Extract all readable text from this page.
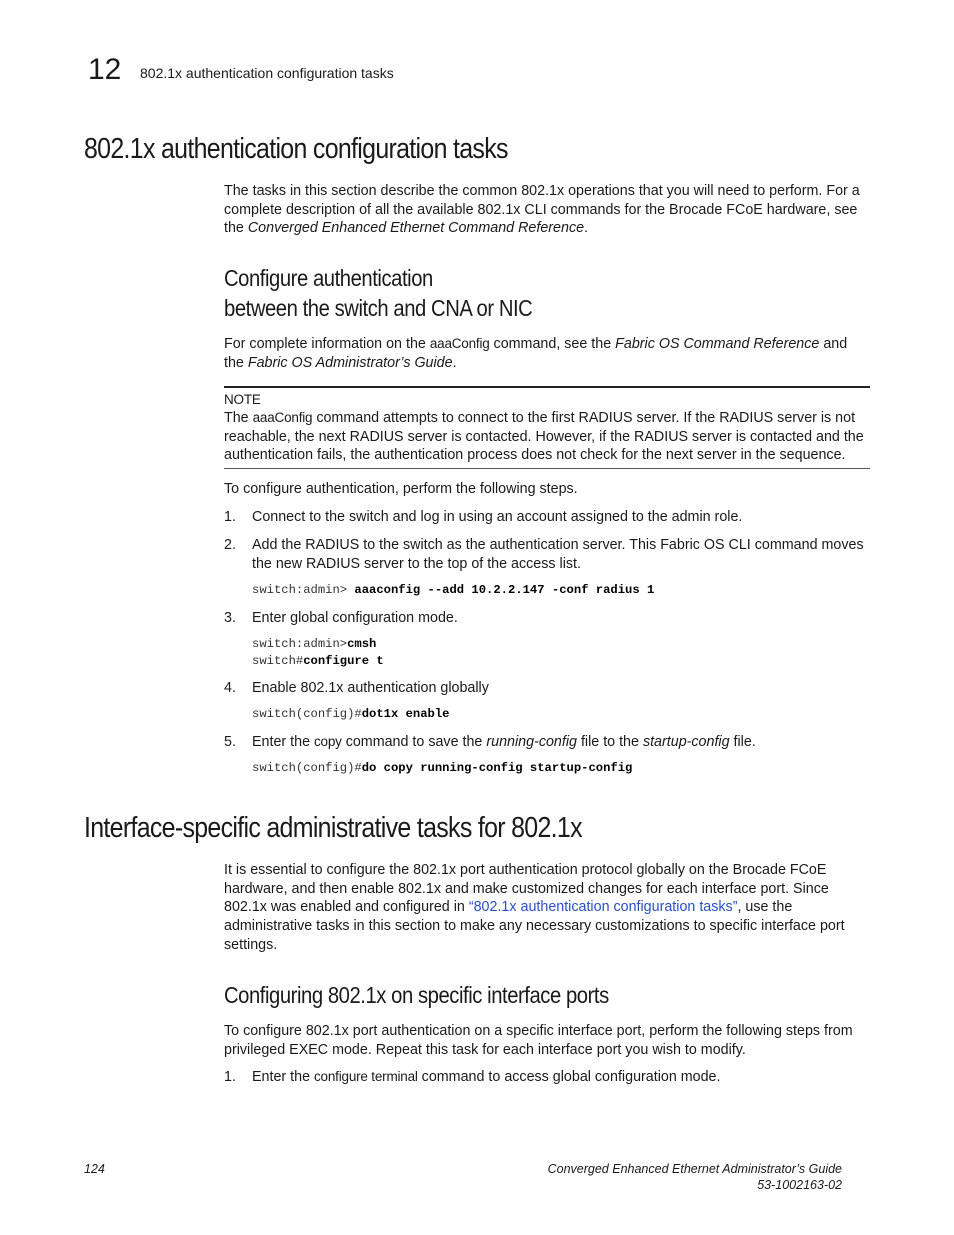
12 802.1x authentication configuration tasks
802.1x authentication configuration tasks

The tasks in this section describe the common 802.1x operations that you will need to perform. For a complete description of all the available 802.1x CLI commands for the Brocade FCoE hardware, see the Converged Enhanced Ethernet Command Reference.

Configure authentication
between the switch and CNA or NIC

For complete information on the aaaConfig command, see the Fabric OS Command Reference and the Fabric OS Administrator’s Guide.

NOTE

The aaaConfig command attempts to connect to the first RADIUS server. If the RADIUS server is not reachable, the next RADIUS server is contacted. However, if the RADIUS server is contacted and the authentication fails, the authentication process does not check for the next server in the sequence.

To configure authentication, perform the following steps.

1. Connect to the switch and log in using an account assigned to the admin role.
2. Add the RADIUS to the switch as the authentication server. This Fabric OS CLI command moves the new RADIUS server to the top of the access list.
switch:admin> aaaconfig --add 10.2.2.147 -conf radius 1
3. Enter global configuration mode.
switch:admin>cmsh
switch#configure t
4. Enable 802.1x authentication globally
switch(config)#dot1x enable
5. Enter the copy command to save the running-config file to the startup-config file.
switch(config)#do copy running-config startup-config
Interface-specific administrative tasks for 802.1x

It is essential to configure the 802.1x port authentication protocol globally on the Brocade FCoE hardware, and then enable 802.1x and make customized changes for each interface port. Since 802.1x was enabled and configured in “802.1x authentication configuration tasks”, use the administrative tasks in this section to make any necessary customizations to specific interface port settings.

Configuring 802.1x on specific interface ports

To configure 802.1x port authentication on a specific interface port, perform the following steps from privileged EXEC mode. Repeat this task for each interface port you wish to modify.

1. Enter the configure terminal command to access global configuration mode.
124	Converged Enhanced Ethernet Administrator’s Guide
53-1002163-02
